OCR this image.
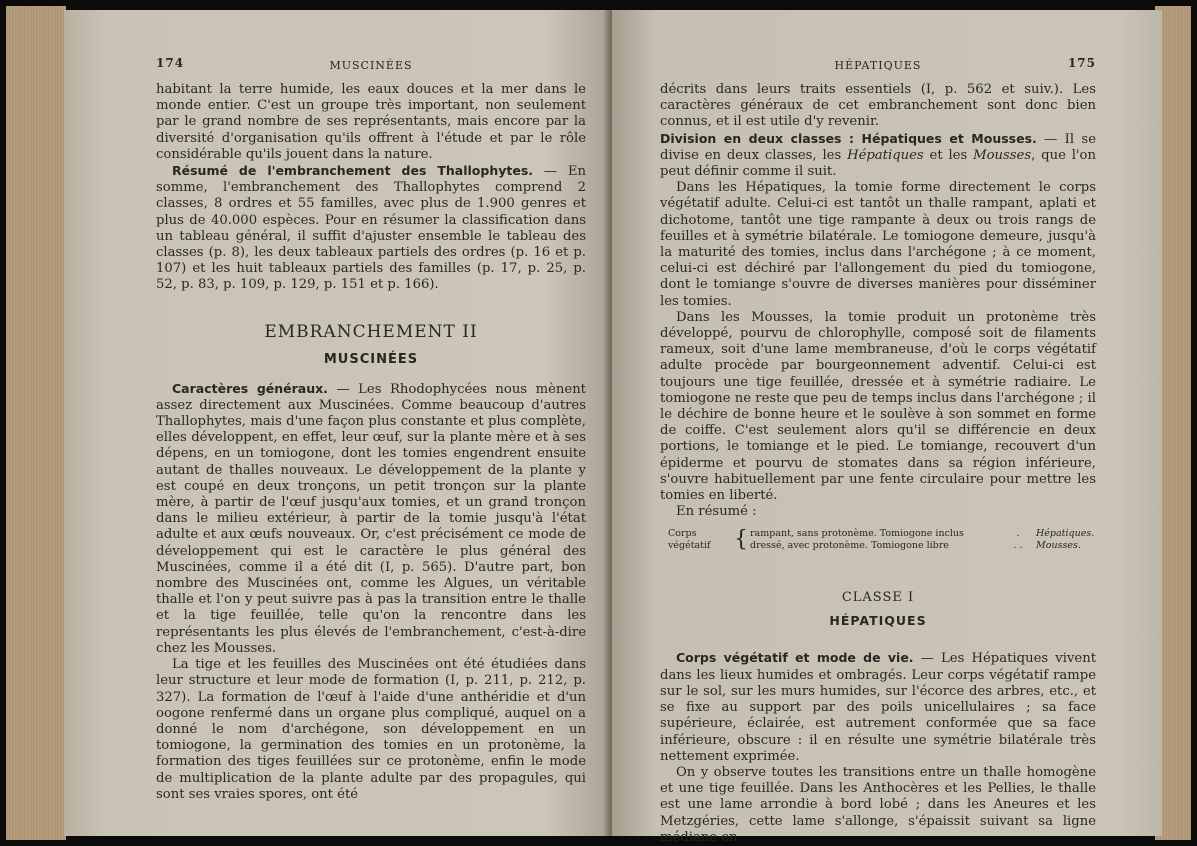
174	MUSCINÉES

habitant la terre humide, les eaux douces et la mer dans le monde entier. C'est un groupe très important, non seulement par le grand nombre de ses représentants, mais encore par la diversité d'organisation qu'ils offrent à l'étude et par le rôle considérable qu'ils jouent dans la nature.

Résumé de l'embranchement des Thallophytes. — En somme, l'embranchement des Thallophytes comprend 2 classes, 8 ordres et 55 familles, avec plus de 1.900 genres et plus de 40.000 espèces. Pour en résumer la classification dans un tableau général, il suffit d'ajuster ensemble le tableau des classes (p. 8), les deux tableaux partiels des ordres (p. 16 et p. 107) et les huit tableaux partiels des familles (p. 17, p. 25, p. 52, p. 83, p. 109, p. 129, p. 151 et p. 166).

EMBRANCHEMENT II
MUSCINÉES

Caractères généraux. — Les Rhodophycées nous mènent assez directement aux Muscinées. Comme beaucoup d'autres Thallophytes, mais d'une façon plus constante et plus complète, elles développent, en effet, leur œuf, sur la plante mère et à ses dépens, en un tomiogone, dont les tomies engendrent ensuite autant de thalles nouveaux. Le développement de la plante y est coupé en deux tronçons, un petit tronçon sur la plante mère, à partir de l'œuf jusqu'aux tomies, et un grand tronçon dans le milieu extérieur, à partir de la tomie jusqu'à l'état adulte et aux œufs nouveaux. Or, c'est précisément ce mode de développement qui est le caractère le plus général des Muscinées, comme il a été dit (I, p. 565). D'autre part, bon nombre des Muscinées ont, comme les Algues, un véritable thalle et l'on y peut suivre pas à pas la transition entre le thalle et la tige feuillée, telle qu'on la rencontre dans les représentants les plus élevés de l'embranchement, c'est-à-dire chez les Mousses.

La tige et les feuilles des Muscinées ont été étudiées dans leur structure et leur mode de formation (I, p. 211, p. 212, p. 327). La formation de l'œuf à l'aide d'une anthéridie et d'un oogone renfermé dans un organe plus compliqué, auquel on a donné le nom d'archégone, son développement en un tomiogone, la germination des tomies en un protonème, la formation des tiges feuillées sur ce protonème, enfin le mode de multiplication de la plante adulte par des propagules, qui sont ses vraies spores, ont été

175
HÉPATIQUES

décrits dans leurs traits essentiels (I, p. 562 et suiv.). Les caractères généraux de cet embranchement sont donc bien connus, et il est utile d'y revenir.

Division en deux classes : Hépatiques et Mousses. — Il se divise en deux classes, les Hépatiques et les Mousses, que l'on peut définir comme il suit.

Dans les Hépatiques, la tomie forme directement le corps végétatif adulte. Celui-ci est tantôt un thalle rampant, aplati et dichotome, tantôt une tige rampante à deux ou trois rangs de feuilles et à symétrie bilatérale. Le tomiogone demeure, jusqu'à la maturité des tomies, inclus dans l'archégone ; à ce moment, celui-ci est déchiré par l'allongement du pied du tomiogone, dont le tomiange s'ouvre de diverses manières pour disséminer les tomies.

Dans les Mousses, la tomie produit un protonème très développé, pourvu de chlorophylle, composé soit de filaments rameux, soit d'une lame membraneuse, d'où le corps végétatif adulte procède par bourgeonnement adventif. Celui-ci est toujours une tige feuillée, dressée et à symétrie radiaire. Le tomiogone ne reste que peu de temps inclus dans l'archégone ; il le déchire de bonne heure et le soulève à son sommet en forme de coiffe. C'est seulement alors qu'il se différencie en deux portions, le tomiange et le pied. Le tomiange, recouvert d'un épiderme et pourvu de stomates dans sa région inférieure, s'ouvre habituellement par une fente circulaire pour mettre les tomies en liberté.

En résumé :

Corps végétatif	{ rampant, sans protonème. Tomiogone inclus	.	Hépatiques.
dressé, avec protonème. Tomiogone libre	. .	Mousses.
CLASSE I
HÉPATIQUES

Corps végétatif et mode de vie. — Les Hépatiques vivent dans les lieux humides et ombragés. Leur corps végétatif rampe sur le sol, sur les murs humides, sur l'écorce des arbres, etc., et se fixe au support par des poils unicellulaires ; sa face supérieure, éclairée, est autrement conformée que sa face inférieure, obscure : il en résulte une symétrie bilatérale très nettement exprimée.

On y observe toutes les transitions entre un thalle homogène et une tige feuillée. Dans les Anthocères et les Pellies, le thalle est une lame arrondie à bord lobé ; dans les Aneures et les Metzgéries, cette lame s'allonge, s'épaissit suivant sa ligne médiane en
